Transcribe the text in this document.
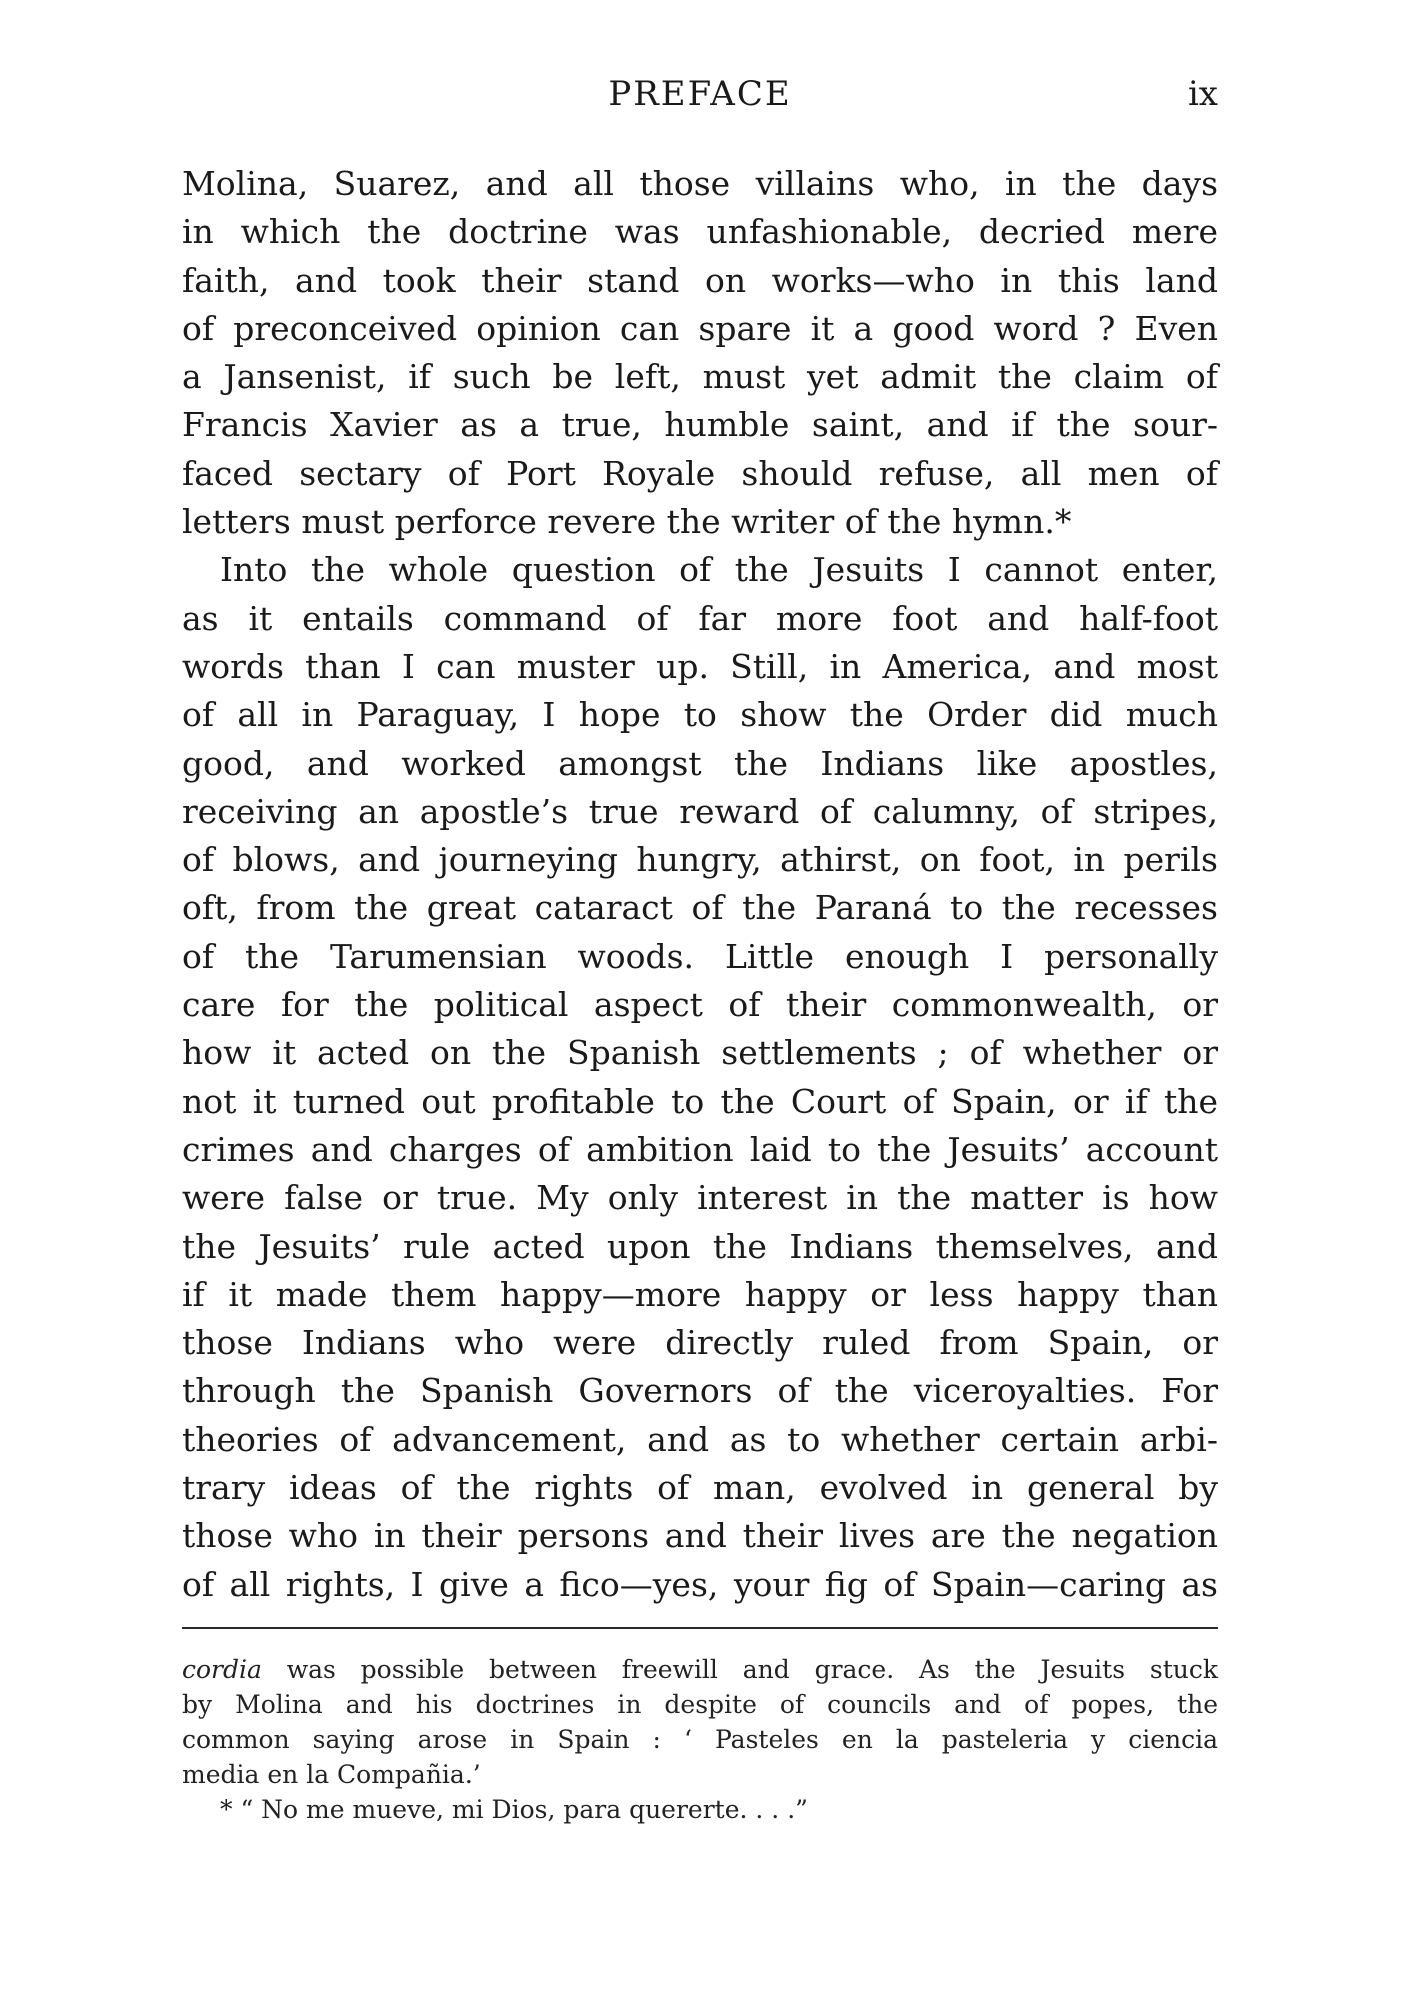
PREFACE	ix
Molina, Suarez, and all those villains who, in the days
in which the doctrine was unfashionable, decried mere
faith, and took their stand on works—who in this land
of preconceived opinion can spare it a good word ? Even
a Jansenist, if such be left, must yet admit the claim of
Francis Xavier as a true, humble saint, and if the sour-
faced sectary of Port Royale should refuse, all men of
letters must perforce revere the writer of the hymn.*
Into the whole question of the Jesuits I cannot enter,
as it entails command of far more foot and half-foot
words than I can muster up. Still, in America, and most
of all in Paraguay, I hope to show the Order did much
good, and worked amongst the Indians like apostles,
receiving an apostle’s true reward of calumny, of stripes,
of blows, and journeying hungry, athirst, on foot, in perils
oft, from the great cataract of the Paraná to the recesses
of the Tarumensian woods. Little enough I personally
care for the political aspect of their commonwealth, or
how it acted on the Spanish settlements ; of whether or
not it turned out profitable to the Court of Spain, or if the
crimes and charges of ambition laid to the Jesuits’ account
were false or true. My only interest in the matter is how
the Jesuits’ rule acted upon the Indians themselves, and
if it made them happy—more happy or less happy than
those Indians who were directly ruled from Spain, or
through the Spanish Governors of the viceroyalties. For
theories of advancement, and as to whether certain arbi-
trary ideas of the rights of man, evolved in general by
those who in their persons and their lives are the negation
of all rights, I give a fico—yes, your fig of Spain—caring as
cordia was possible between freewill and grace. As the Jesuits stuck
by Molina and his doctrines in despite of councils and of popes, the
common saying arose in Spain : ‘ Pasteles en la pasteleria y ciencia
media en la Compañia.’
* “ No me mueve, mi Dios, para quererte. . . .”
